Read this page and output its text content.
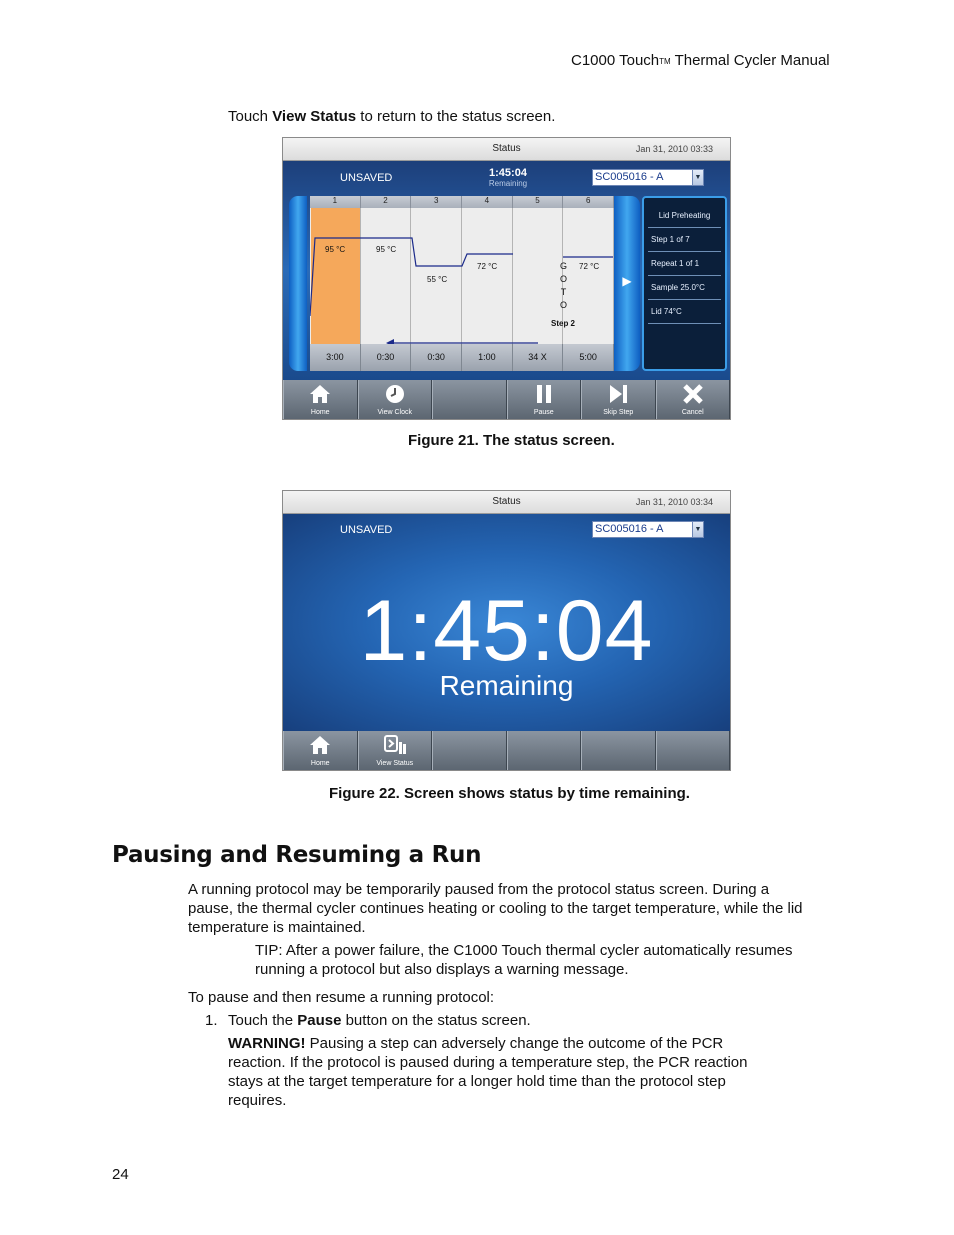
C1000 Touch™ Thermal Cycler Manual
Touch View Status to return to the status screen.
Status	Jan 31, 2010 03:33
UNSAVED	1:45:04
Remaining
SC005016 - A	▼
1	2	3	4	5	6
95 °C	95 °C
55 °C
72 °C	72 °C
G
O
T
O
Step 2
3:00	0:30	0:30	1:00	34 X	5:00
▶
Lid Preheating
Step 1 of 7
Repeat 1 of 1
Sample 25.0°C
Lid 74°C
Home	View Clock	Pause	Skip Step	Cancel
Figure 21. The status screen.
Status	Jan 31, 2010 03:34
UNSAVED	SC005016 - A	▼
1:45:04
Remaining
Home	View Status
Figure 22. Screen shows status by time remaining.
Pausing and Resuming a Run
A running protocol may be temporarily paused from the protocol status screen. During a
pause, the thermal cycler continues heating or cooling to the target temperature, while the lid
temperature is maintained.
TIP: After a power failure, the C1000 Touch thermal cycler automatically resumes
running a protocol but also displays a warning message.
To pause and then resume a running protocol:
1. Touch the Pause button on the status screen.
WARNING! Pausing a step can adversely change the outcome of the PCR
reaction. If the protocol is paused during a temperature step, the PCR reaction
stays at the target temperature for a longer hold time than the protocol step
requires.
24
